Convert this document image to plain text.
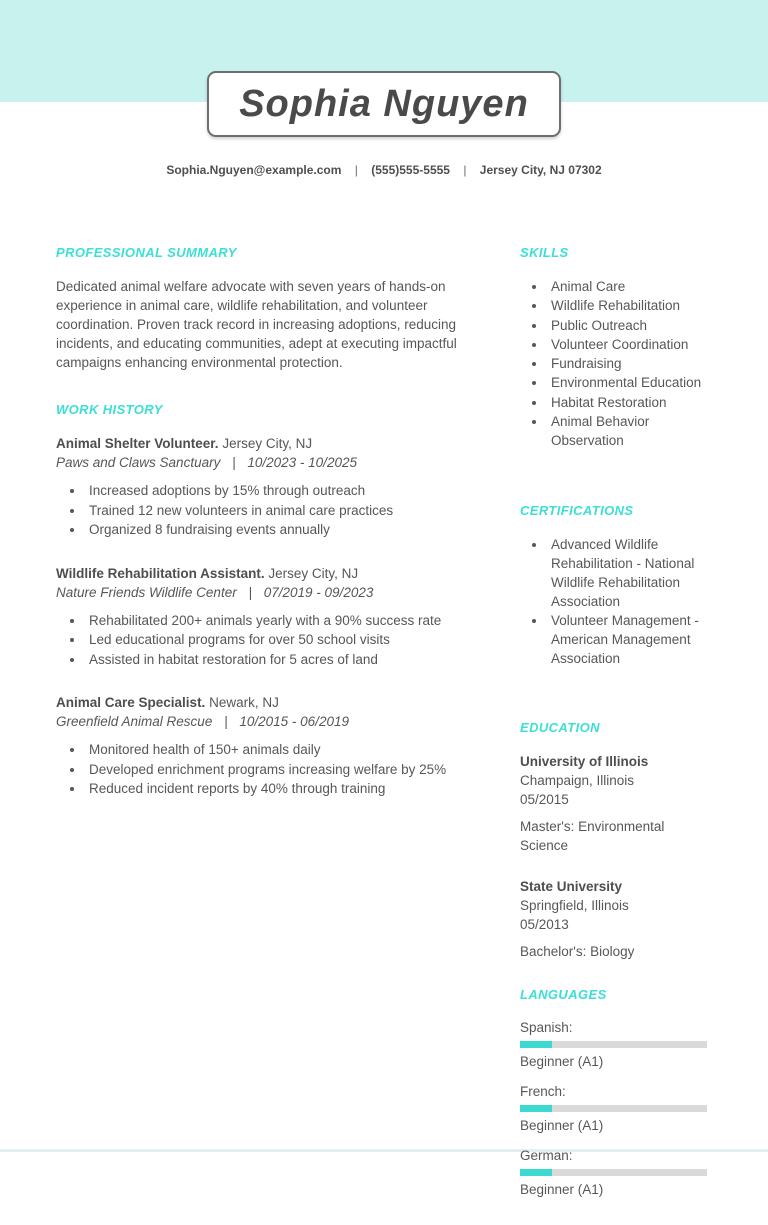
Sophia Nguyen
Sophia.Nguyen@example.com | (555)555-5555 | Jersey City, NJ 07302
PROFESSIONAL SUMMARY

Dedicated animal welfare advocate with seven years of hands-on experience in animal care, wildlife rehabilitation, and volunteer coordination. Proven track record in increasing adoptions, reducing incidents, and educating communities, adept at executing impactful campaigns enhancing environmental protection.

WORK HISTORY
Animal Shelter Volunteer. Jersey City, NJ
Paws and Claws Sanctuary | 10/2023 - 10/2025
• Increased adoptions by 15% through outreach
• Trained 12 new volunteers in animal care practices
• Organized 8 fundraising events annually
Wildlife Rehabilitation Assistant. Jersey City, NJ
Nature Friends Wildlife Center | 07/2019 - 09/2023
• Rehabilitated 200+ animals yearly with a 90% success rate
• Led educational programs for over 50 school visits
• Assisted in habitat restoration for 5 acres of land
Animal Care Specialist. Newark, NJ
Greenfield Animal Rescue | 10/2015 - 06/2019
• Monitored health of 150+ animals daily
• Developed enrichment programs increasing welfare by 25%
• Reduced incident reports by 40% through training
SKILLS
• Animal Care
• Wildlife Rehabilitation
• Public Outreach
• Volunteer Coordination
• Fundraising
• Environmental Education
• Habitat Restoration
• Animal Behavior Observation
CERTIFICATIONS
• Advanced Wildlife Rehabilitation - National Wildlife Rehabilitation Association
• Volunteer Management - American Management Association
EDUCATION
University of Illinois
Champaign, Illinois
05/2015
Master's: Environmental Science
State University
Springfield, Illinois
05/2013
Bachelor's: Biology
LANGUAGES
Spanish:
Beginner (A1)
French:
Beginner (A1)
German:
Beginner (A1)
